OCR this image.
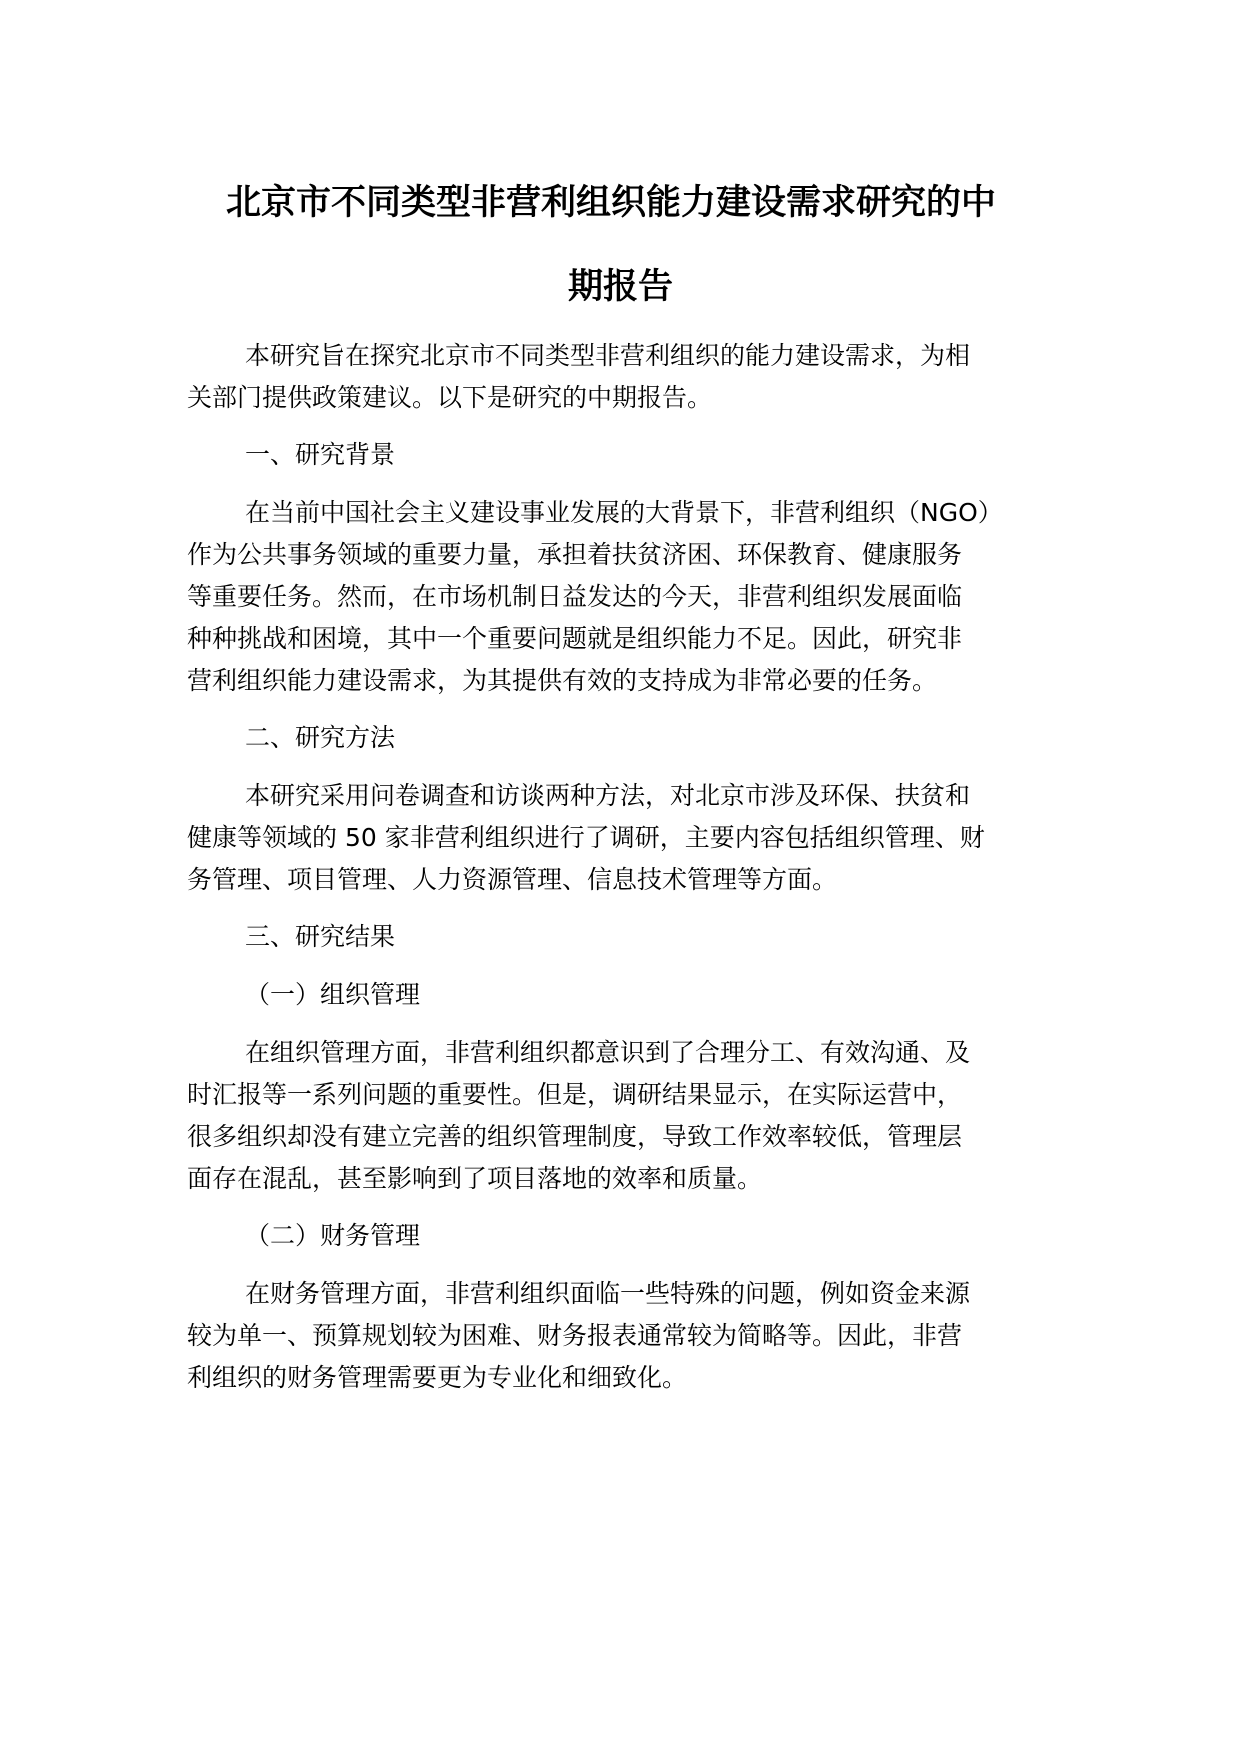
北京市不同类型非营利组织能力建设需求研究的中
期报告
本研究旨在探究北京市不同类型非营利组织的能力建设需求，为相
关部门提供政策建议。以下是研究的中期报告。
一、研究背景
在当前中国社会主义建设事业发展的大背景下，非营利组织（NGO）
作为公共事务领域的重要力量，承担着扶贫济困、环保教育、健康服务
等重要任务。然而，在市场机制日益发达的今天，非营利组织发展面临
种种挑战和困境，其中一个重要问题就是组织能力不足。因此，研究非
营利组织能力建设需求，为其提供有效的支持成为非常必要的任务。
二、研究方法
本研究采用问卷调查和访谈两种方法，对北京市涉及环保、扶贫和
健康等领域的 50 家非营利组织进行了调研，主要内容包括组织管理、财
务管理、项目管理、人力资源管理、信息技术管理等方面。
三、研究结果
（一）组织管理
在组织管理方面，非营利组织都意识到了合理分工、有效沟通、及
时汇报等一系列问题的重要性。但是，调研结果显示，在实际运营中，
很多组织却没有建立完善的组织管理制度，导致工作效率较低，管理层
面存在混乱，甚至影响到了项目落地的效率和质量。
（二）财务管理
在财务管理方面，非营利组织面临一些特殊的问题，例如资金来源
较为单一、预算规划较为困难、财务报表通常较为简略等。因此，非营
利组织的财务管理需要更为专业化和细致化。
